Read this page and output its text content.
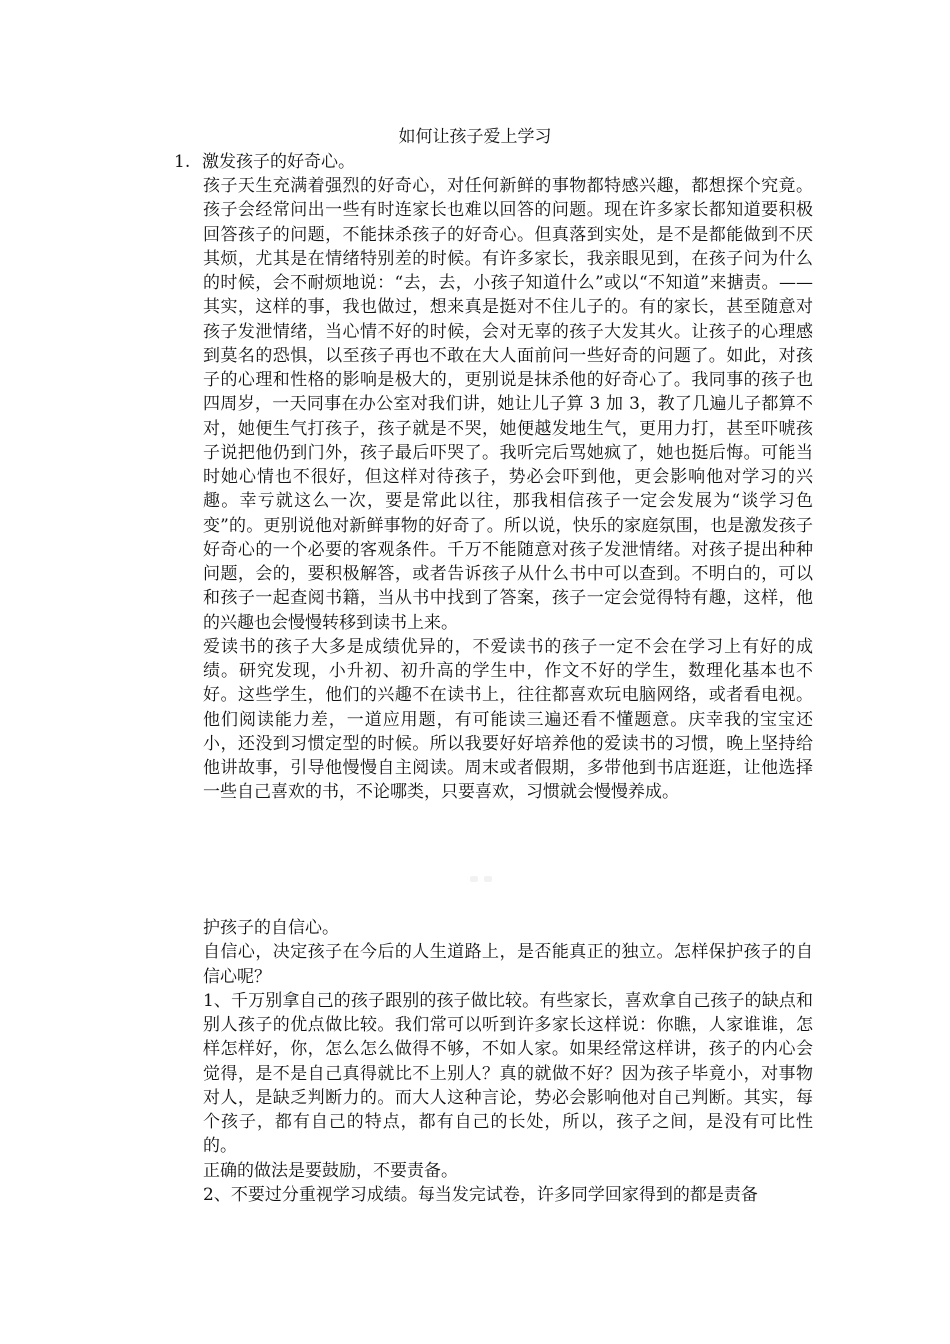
如何让孩子爱上学习
1. 激发孩子的好奇心。

孩子天生充满着强烈的好奇心，对任何新鲜的事物都特感兴趣，都想探个究竟。孩子会经常问出一些有时连家长也难以回答的问题。现在许多家长都知道要积极回答孩子的问题，不能抹杀孩子的好奇心。但真落到实处，是不是都能做到不厌其烦，尤其是在情绪特别差的时候。有许多家长，我亲眼见到，在孩子问为什么的时候，会不耐烦地说：“去，去，小孩子知道什么”或以“不知道”来搪责。——其实，这样的事，我也做过，想来真是挺对不住儿子的。有的家长，甚至随意对孩子发泄情绪，当心情不好的时候，会对无辜的孩子大发其火。让孩子的心理感到莫名的恐惧，以至孩子再也不敢在大人面前问一些好奇的问题了。如此，对孩子的心理和性格的影响是极大的，更别说是抹杀他的好奇心了。我同事的孩子也四周岁，一天同事在办公室对我们讲，她让儿子算 3 加 3，教了几遍儿子都算不对，她便生气打孩子，孩子就是不哭，她便越发地生气，更用力打，甚至吓唬孩子说把他仍到门外，孩子最后吓哭了。我听完后骂她疯了，她也挺后悔。可能当时她心情也不很好，但这样对待孩子，势必会吓到他，更会影响他对学习的兴趣。幸亏就这么一次，要是常此以往，那我相信孩子一定会发展为“谈学习色变”的。更别说他对新鲜事物的好奇了。所以说，快乐的家庭氛围，也是激发孩子好奇心的一个必要的客观条件。千万不能随意对孩子发泄情绪。对孩子提出种种问题，会的，要积极解答，或者告诉孩子从什么书中可以查到。不明白的，可以和孩子一起查阅书籍，当从书中找到了答案，孩子一定会觉得特有趣，这样，他的兴趣也会慢慢转移到读书上来。

爱读书的孩子大多是成绩优异的，不爱读书的孩子一定不会在学习上有好的成绩。研究发现，小升初、初升高的学生中，作文不好的学生，数理化基本也不好。这些学生，他们的兴趣不在读书上，往往都喜欢玩电脑网络，或者看电视。他们阅读能力差，一道应用题，有可能读三遍还看不懂题意。庆幸我的宝宝还小，还没到习惯定型的时候。所以我要好好培养他的爱读书的习惯，晚上坚持给他讲故事，引导他慢慢自主阅读。周末或者假期，多带他到书店逛逛，让他选择一些自己喜欢的书，不论哪类，只要喜欢，习惯就会慢慢养成。

护孩子的自信心。

自信心，决定孩子在今后的人生道路上，是否能真正的独立。怎样保护孩子的自信心呢？

1、千万别拿自己的孩子跟别的孩子做比较。有些家长，喜欢拿自己孩子的缺点和别人孩子的优点做比较。我们常可以听到许多家长这样说：你瞧，人家谁谁，怎样怎样好，你，怎么怎么做得不够，不如人家。如果经常这样讲，孩子的内心会觉得，是不是自己真得就比不上别人？真的就做不好？因为孩子毕竟小，对事物对人，是缺乏判断力的。而大人这种言论，势必会影响他对自己判断。其实，每个孩子，都有自己的特点，都有自己的长处，所以，孩子之间，是没有可比性的。

正确的做法是要鼓励，不要责备。

2、不要过分重视学习成绩。每当发完试卷，许多同学回家得到的都是责备
